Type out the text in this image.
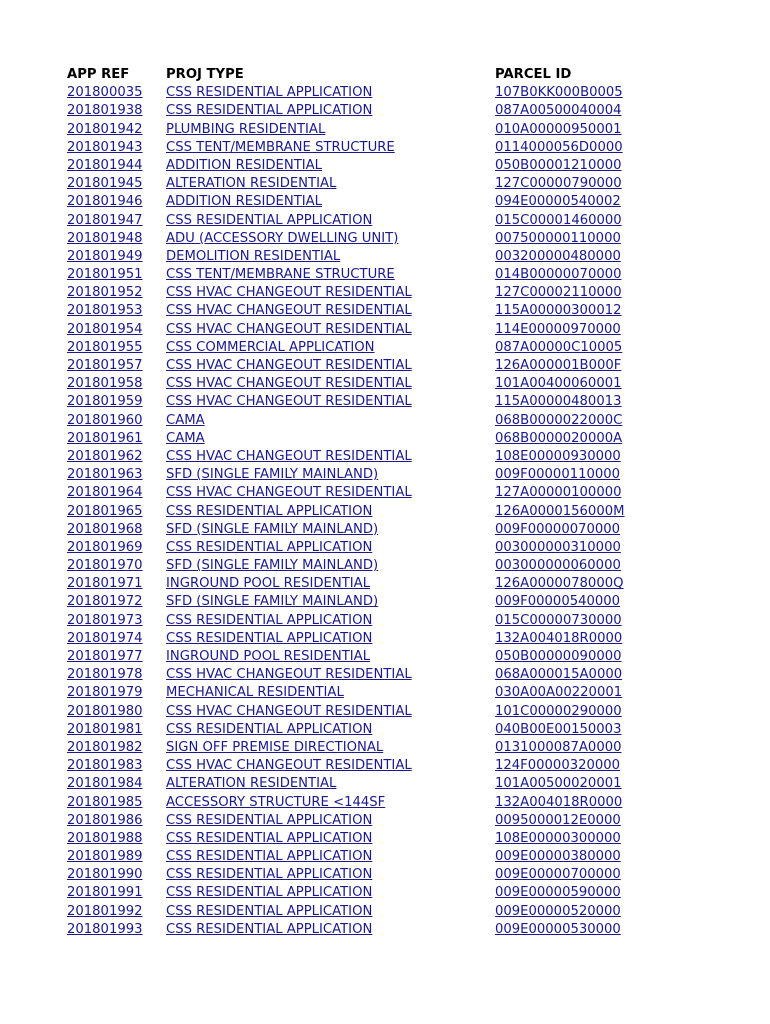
APP REF	PROJ TYPE	PARCEL ID
201800035	CSS RESIDENTIAL APPLICATION	107B0KK000B0005
201801938	CSS RESIDENTIAL APPLICATION	087A00500040004
201801942	PLUMBING RESIDENTIAL	010A00000950001
201801943	CSS TENT/MEMBRANE STRUCTURE	0114000056D0000
201801944	ADDITION RESIDENTIAL	050B00001210000
201801945	ALTERATION RESIDENTIAL	127C00000790000
201801946	ADDITION RESIDENTIAL	094E00000540002
201801947	CSS RESIDENTIAL APPLICATION	015C00001460000
201801948	ADU (ACCESSORY DWELLING UNIT)	007500000110000
201801949	DEMOLITION RESIDENTIAL	003200000480000
201801951	CSS TENT/MEMBRANE STRUCTURE	014B00000070000
201801952	CSS HVAC CHANGEOUT RESIDENTIAL	127C00002110000
201801953	CSS HVAC CHANGEOUT RESIDENTIAL	115A00000300012
201801954	CSS HVAC CHANGEOUT RESIDENTIAL	114E00000970000
201801955	CSS COMMERCIAL APPLICATION	087A00000C10005
201801957	CSS HVAC CHANGEOUT RESIDENTIAL	126A000001B000F
201801958	CSS HVAC CHANGEOUT RESIDENTIAL	101A00400060001
201801959	CSS HVAC CHANGEOUT RESIDENTIAL	115A00000480013
201801960	CAMA	068B0000022000C
201801961	CAMA	068B0000020000A
201801962	CSS HVAC CHANGEOUT RESIDENTIAL	108E00000930000
201801963	SFD (SINGLE FAMILY MAINLAND)	009F00000110000
201801964	CSS HVAC CHANGEOUT RESIDENTIAL	127A00000100000
201801965	CSS RESIDENTIAL APPLICATION	126A0000156000M
201801968	SFD (SINGLE FAMILY MAINLAND)	009F00000070000
201801969	CSS RESIDENTIAL APPLICATION	003000000310000
201801970	SFD (SINGLE FAMILY MAINLAND)	003000000060000
201801971	INGROUND POOL RESIDENTIAL	126A0000078000Q
201801972	SFD (SINGLE FAMILY MAINLAND)	009F00000540000
201801973	CSS RESIDENTIAL APPLICATION	015C00000730000
201801974	CSS RESIDENTIAL APPLICATION	132A004018R0000
201801977	INGROUND POOL RESIDENTIAL	050B00000090000
201801978	CSS HVAC CHANGEOUT RESIDENTIAL	068A000015A0000
201801979	MECHANICAL RESIDENTIAL	030A00A00220001
201801980	CSS HVAC CHANGEOUT RESIDENTIAL	101C00000290000
201801981	CSS RESIDENTIAL APPLICATION	040B00E00150003
201801982	SIGN OFF PREMISE DIRECTIONAL	0131000087A0000
201801983	CSS HVAC CHANGEOUT RESIDENTIAL	124F00000320000
201801984	ALTERATION RESIDENTIAL	101A00500020001
201801985	ACCESSORY STRUCTURE <144SF	132A004018R0000
201801986	CSS RESIDENTIAL APPLICATION	0095000012E0000
201801988	CSS RESIDENTIAL APPLICATION	108E00000300000
201801989	CSS RESIDENTIAL APPLICATION	009E00000380000
201801990	CSS RESIDENTIAL APPLICATION	009E00000700000
201801991	CSS RESIDENTIAL APPLICATION	009E00000590000
201801992	CSS RESIDENTIAL APPLICATION	009E00000520000
201801993	CSS RESIDENTIAL APPLICATION	009E00000530000
